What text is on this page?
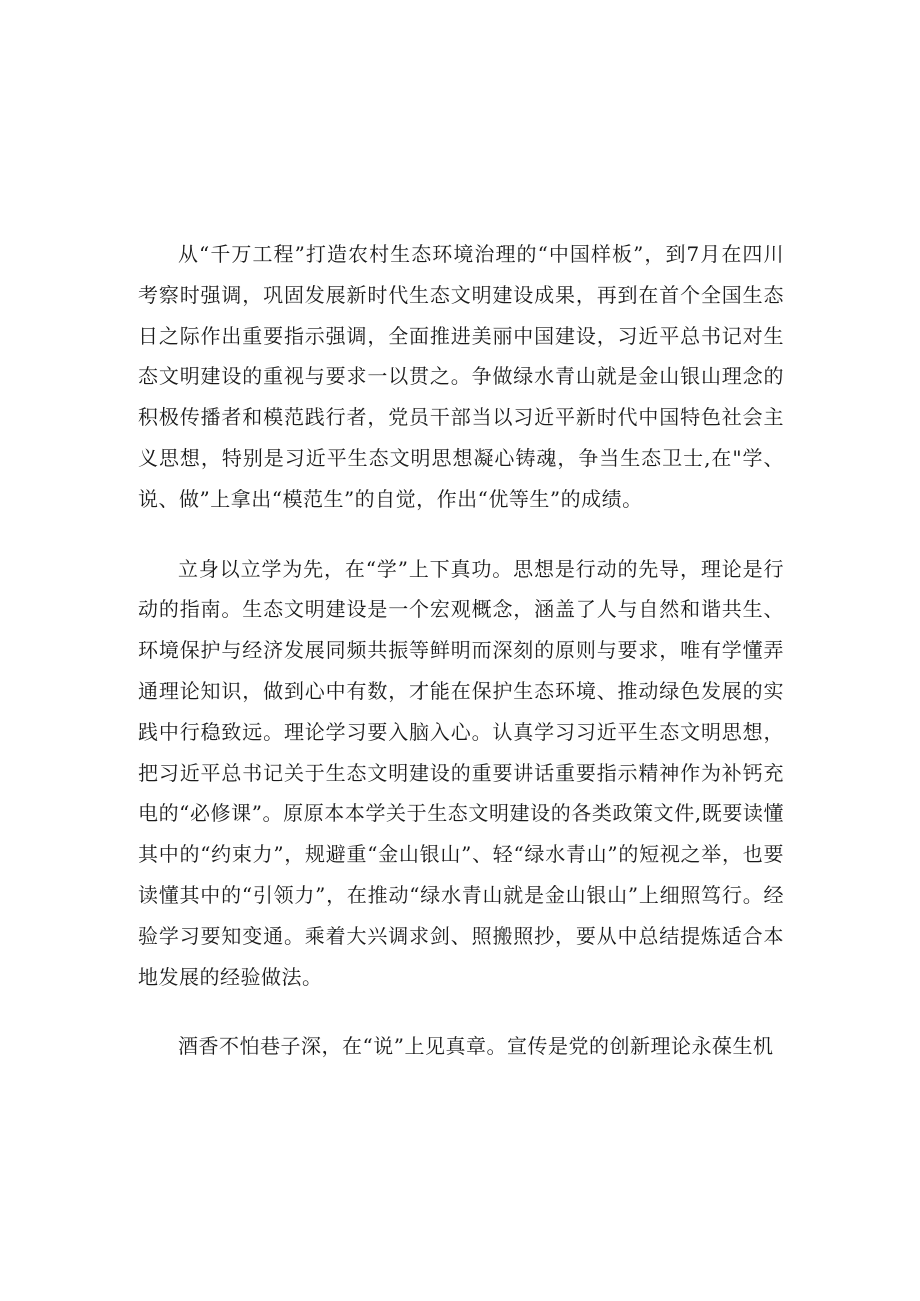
从“千万工程”打造农村生态环境治理的“中国样板”，到7月在四川考察时强调，巩固发展新时代生态文明建设成果，再到在首个全国生态日之际作出重要指示强调，全面推进美丽中国建设，习近平总书记对生态文明建设的重视与要求一以贯之。争做绿水青山就是金山银山理念的积极传播者和模范践行者，党员干部当以习近平新时代中国特色社会主义思想，特别是习近平生态文明思想凝心铸魂，争当生态卫士,在"学、说、做”上拿出“模范生”的自觉，作出“优等生”的成绩。

立身以立学为先，在“学”上下真功。思想是行动的先导，理论是行动的指南。生态文明建设是一个宏观概念，涵盖了人与自然和谐共生、环境保护与经济发展同频共振等鲜明而深刻的原则与要求，唯有学懂弄通理论知识，做到心中有数，才能在保护生态环境、推动绿色发展的实践中行稳致远。理论学习要入脑入心。认真学习习近平生态文明思想，把习近平总书记关于生态文明建设的重要讲话重要指示精神作为补钙充电的“必修课”。原原本本学关于生态文明建设的各类政策文件,既要读懂其中的“约束力”，规避重“金山银山”、轻“绿水青山”的短视之举，也要读懂其中的“引领力”，在推动“绿水青山就是金山银山”上细照笃行。经验学习要知变通。乘着大兴调求剑、照搬照抄，要从中总结提炼适合本地发展的经验做法。

酒香不怕巷子深，在“说”上见真章。宣传是党的创新理论永葆生机
